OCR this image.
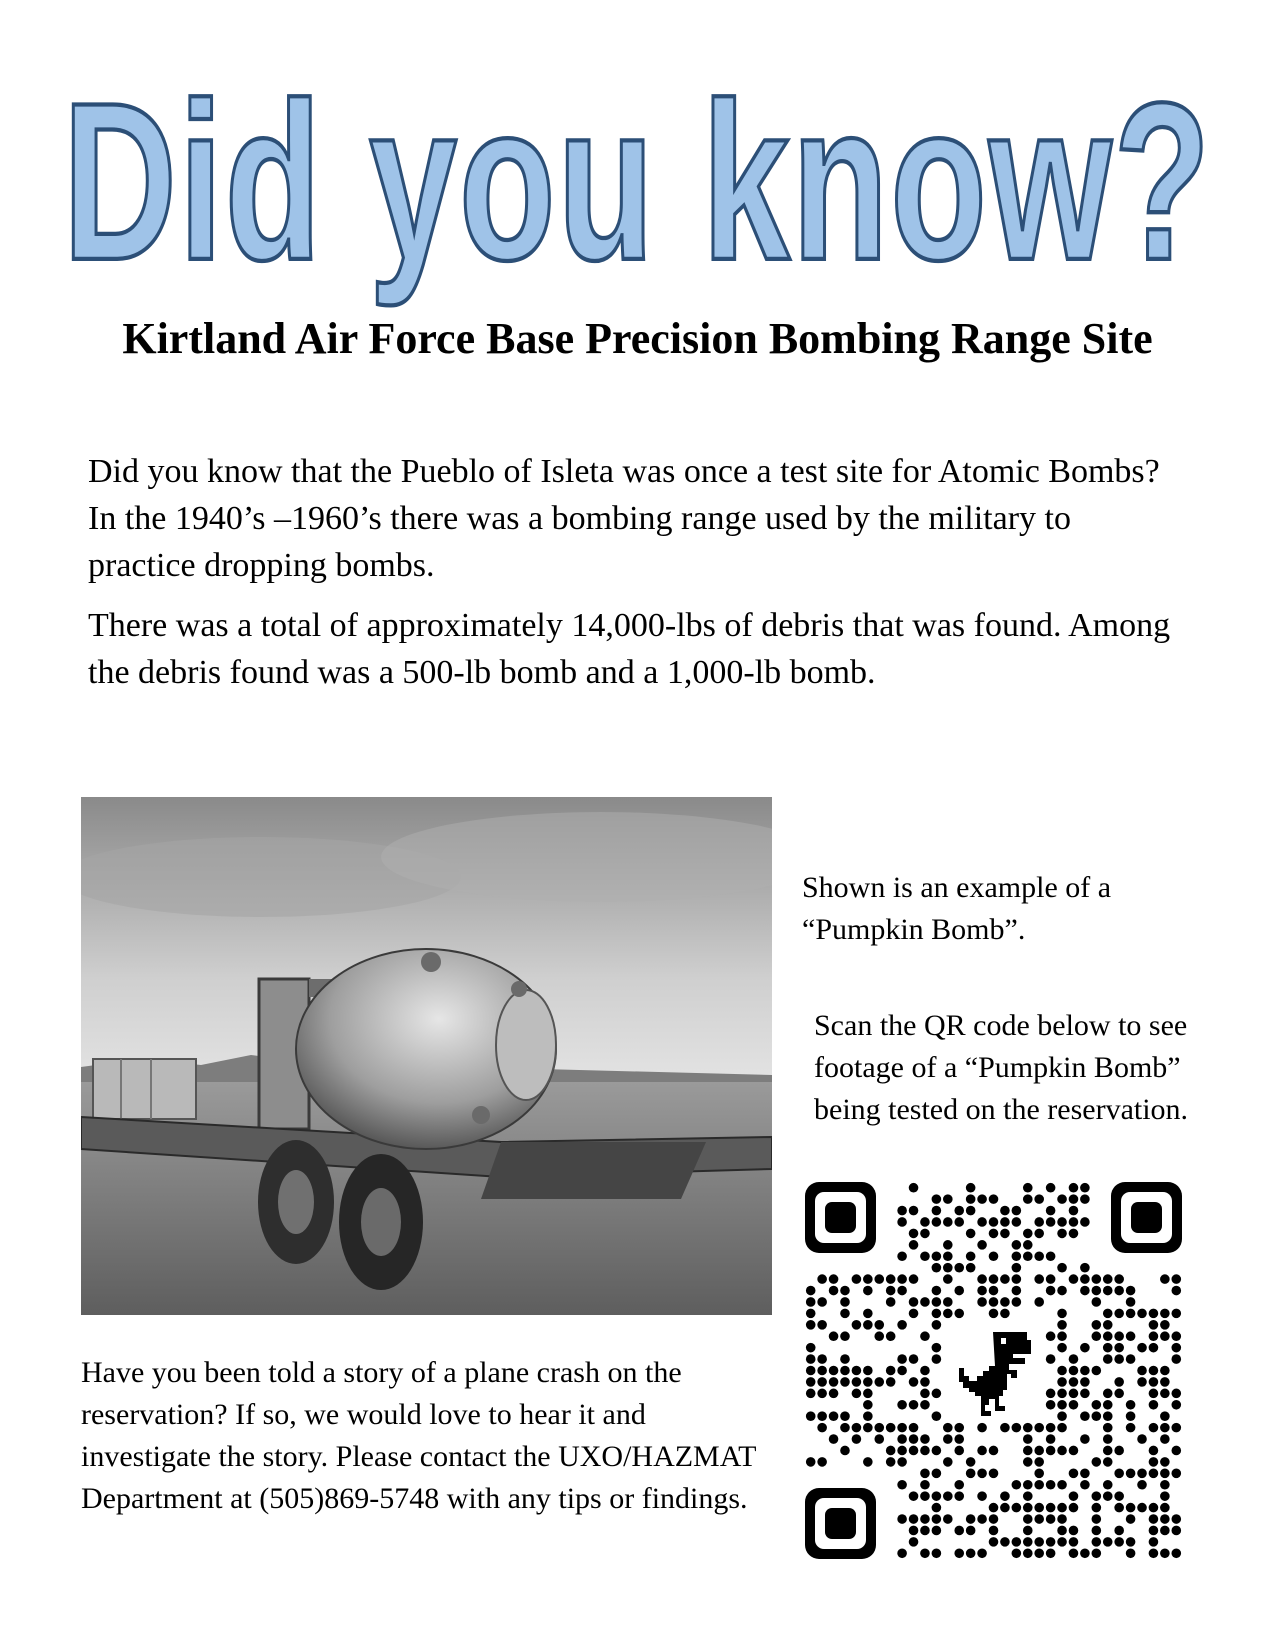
Did you know?
Kirtland Air Force Base Precision Bombing Range Site

Did you know that the Pueblo of Isleta was once a test site for Atomic Bombs? In the 1940’s –1960’s there was a bombing range used by the military to practice dropping bombs.

There was a total of approximately 14,000-lbs of debris that was found. Among the debris found was a 500-lb bomb and a 1,000-lb bomb.

Shown is an example of a “Pumpkin Bomb”.

Scan the QR code below to see footage of a “Pumpkin Bomb” being tested on the reservation.

Have you been told a story of a plane crash on the reservation? If so, we would love to hear it and investigate the story. Please contact the UXO/HAZMAT Department at (505)869-5748 with any tips or findings.
